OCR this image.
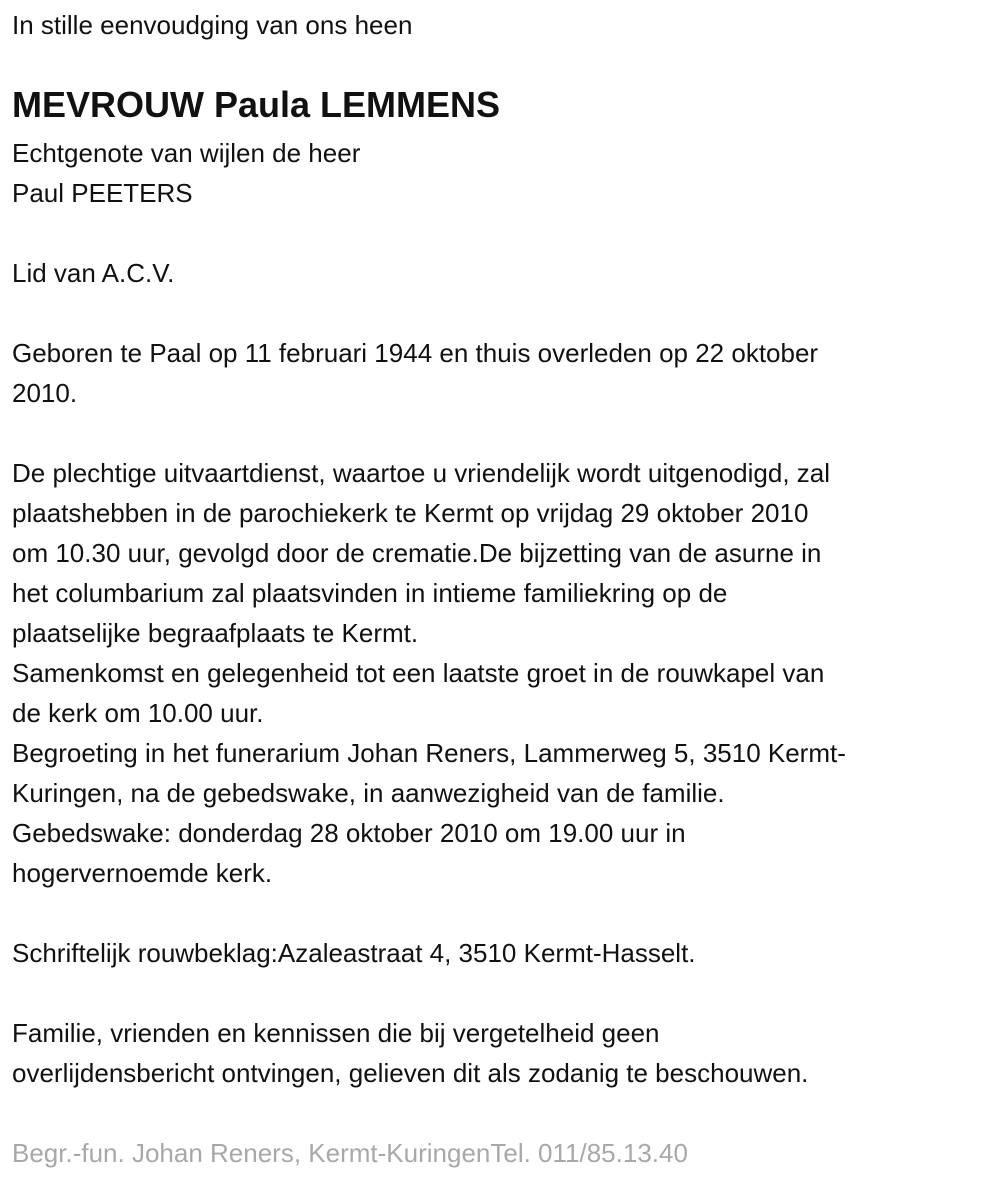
In stille eenvoudging van ons heen
MEVROUW Paula LEMMENS
Echtgenote van wijlen de heer
Paul PEETERS
Lid van A.C.V.
Geboren te Paal op 11 februari 1944 en thuis overleden op 22 oktober
2010.
De plechtige uitvaartdienst, waartoe u vriendelijk wordt uitgenodigd, zal
plaatshebben in de parochiekerk te Kermt op vrijdag 29 oktober 2010
om 10.30 uur, gevolgd door de crematie.De bijzetting van de asurne in
het columbarium zal plaatsvinden in intieme familiekring op de
plaatselijke begraafplaats te Kermt.
Samenkomst en gelegenheid tot een laatste groet in de rouwkapel van
de kerk om 10.00 uur.
Begroeting in het funerarium Johan Reners, Lammerweg 5, 3510 Kermt-
Kuringen, na de gebedswake, in aanwezigheid van de familie.
Gebedswake: donderdag 28 oktober 2010 om 19.00 uur in
hogervernoemde kerk.
Schriftelijk rouwbeklag:Azaleastraat 4, 3510 Kermt-Hasselt.
Familie, vrienden en kennissen die bij vergetelheid geen
overlijdensbericht ontvingen, gelieven dit als zodanig te beschouwen.
Begr.-fun. Johan Reners, Kermt-KuringenTel. 011/85.13.40
